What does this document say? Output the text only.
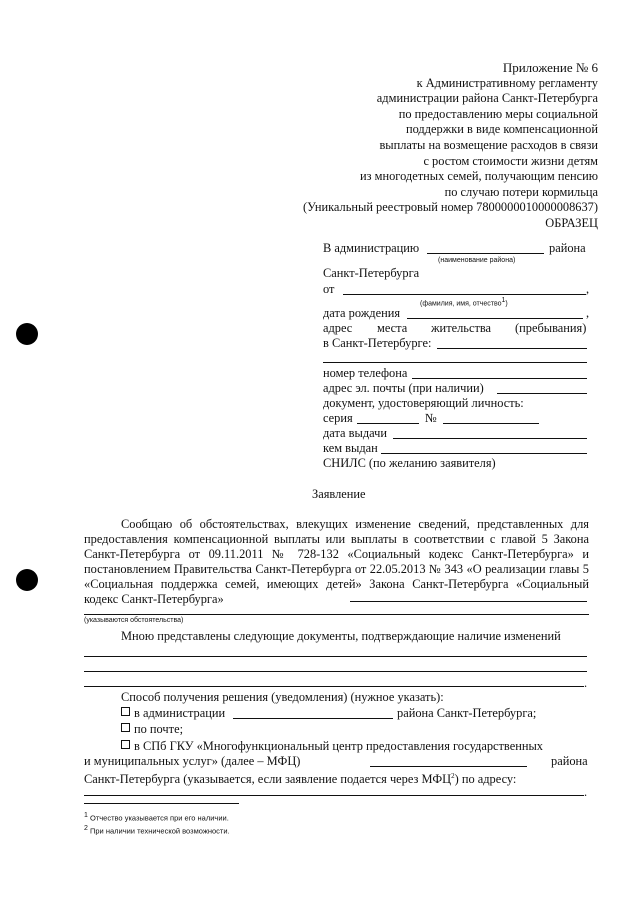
Приложение № 6
к Административному регламенту
администрации района Санкт-Петербурга
по предоставлению меры социальной
поддержки в виде компенсационной
выплаты на возмещение расходов в связи
с ростом стоимости жизни детям
из многодетных семей, получающим пенсию
по случаю потери кормильца
(Уникальный реестровый номер 7800000010000008637)
ОБРАЗЕЦ
В администрацию	района
(наименование района)
Санкт-Петербурга
от	,
(фамилия, имя, отчество$^1$)
дата рождения	,
адрес места жительства (пребывания)
в Санкт-Петербурге:
номер телефона
адрес эл. почты (при наличии)
документ, удостоверяющий личность:
серия	№
дата выдачи
кем выдан
СНИЛС (по желанию заявителя)
Заявление
Сообщаю об обстоятельствах, влекущих изменение сведений, представленных для предоставления компенсационной выплаты или выплаты в соответствии с главой 5 Закона Санкт-Петербурга от 09.11.2011 № 728-132 «Социальный кодекс Санкт-Петербурга» и постановлением Правительства Санкт-Петербурга от 22.05.2013 № 343 «О реализации главы 5 «Социальная поддержка семей, имеющих детей» Закона Санкт-Петербурга «Социальный кодекс Санкт-Петербурга»
(указываются обстоятельства)
Мною представлены следующие документы, подтверждающие наличие изменений
.
Способ получения решения (уведомления) (нужное указать):
в администрации	района Санкт-Петербурга;
по почте;
в СПб ГКУ «Многофункциональный центр предоставления государственных
и муниципальных услуг» (далее – МФЦ)	района
Санкт-Петербурга (указывается, если заявление подается через МФЦ$^2$) по адресу:
.
$^1$ Отчество указывается при его наличии.
$^2$ При наличии технической возможности.
